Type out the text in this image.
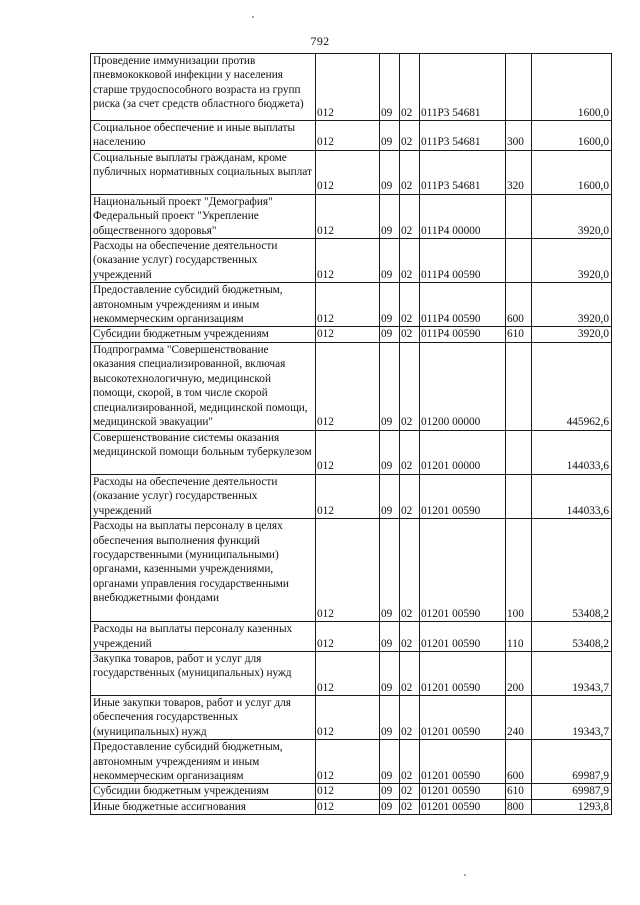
792
Проведение иммунизации против пневмококковой инфекции у населения старше трудоспособного возраста из групп риска (за счет средств областного бюджета)	012	09	02	011Р3 54681		1600,0
Социальное обеспечение и иные выплаты населению	012	09	02	011Р3 54681	300	1600,0
Социальные выплаты гражданам, кроме публичных нормативных социальных выплат	012	09	02	011Р3 54681	320	1600,0
Национальный проект "Демография" Федеральный проект "Укрепление общественного здоровья"	012	09	02	011Р4 00000		3920,0
Расходы на обеспечение деятельности (оказание услуг) государственных учреждений	012	09	02	011Р4 00590		3920,0
Предоставление субсидий бюджетным, автономным учреждениям и иным некоммерческим организациям	012	09	02	011Р4 00590	600	3920,0
Субсидии бюджетным учреждениям	012	09	02	011Р4 00590	610	3920,0
Подпрограмма "Совершенствование оказания специализированной, включая высокотехнологичную, медицинской помощи, скорой, в том числе скорой специализированной, медицинской помощи, медицинской эвакуации"	012	09	02	01200 00000		445962,6
Совершенствование системы оказания медицинской помощи больным туберкулезом	012	09	02	01201 00000		144033,6
Расходы на обеспечение деятельности (оказание услуг) государственных учреждений	012	09	02	01201 00590		144033,6
Расходы на выплаты персоналу в целях обеспечения выполнения функций государственными (муниципальными) органами, казенными учреждениями, органами управления государственными внебюджетными фондами	012	09	02	01201 00590	100	53408,2
Расходы на выплаты персоналу казенных учреждений	012	09	02	01201 00590	110	53408,2
Закупка товаров, работ и услуг для государственных (муниципальных) нужд	012	09	02	01201 00590	200	19343,7
Иные закупки товаров, работ и услуг для обеспечения государственных (муниципальных) нужд	012	09	02	01201 00590	240	19343,7
Предоставление субсидий бюджетным, автономным учреждениям и иным некоммерческим организациям	012	09	02	01201 00590	600	69987,9
Субсидии бюджетным учреждениям	012	09	02	01201 00590	610	69987,9
Иные бюджетные ассигнования	012	09	02	01201 00590	800	1293,8
